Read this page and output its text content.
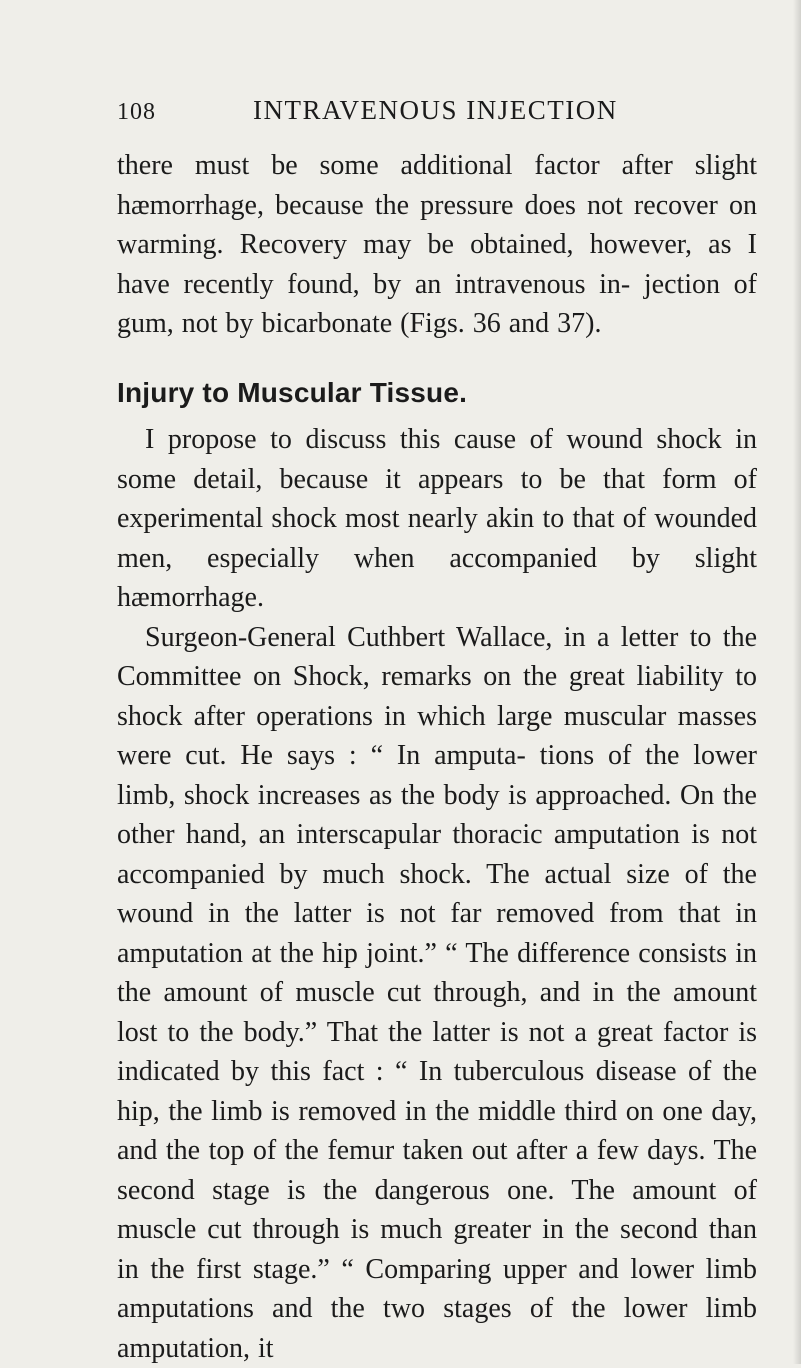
108	INTRAVENOUS INJECTION

there must be some additional factor after slight hæmorrhage, because the pressure does not recover on warming. Recovery may be obtained, however, as I have recently found, by an intravenous in- jection of gum, not by bicarbonate (Figs. 36 and 37).

Injury to Muscular Tissue.

I propose to discuss this cause of wound shock in some detail, because it appears to be that form of experimental shock most nearly akin to that of wounded men, especially when accompanied by slight hæmorrhage.

Surgeon-General Cuthbert Wallace, in a letter to the Committee on Shock, remarks on the great liability to shock after operations in which large muscular masses were cut. He says : “ In amputa- tions of the lower limb, shock increases as the body is approached. On the other hand, an interscapular thoracic amputation is not accompanied by much shock. The actual size of the wound in the latter is not far removed from that in amputation at the hip joint.” “ The difference consists in the amount of muscle cut through, and in the amount lost to the body.” That the latter is not a great factor is indicated by this fact : “ In tuberculous disease of the hip, the limb is removed in the middle third on one day, and the top of the femur taken out after a few days. The second stage is the dangerous one. The amount of muscle cut through is much greater in the second than in the first stage.” “ Comparing upper and lower limb amputations and the two stages of the lower limb amputation, it
